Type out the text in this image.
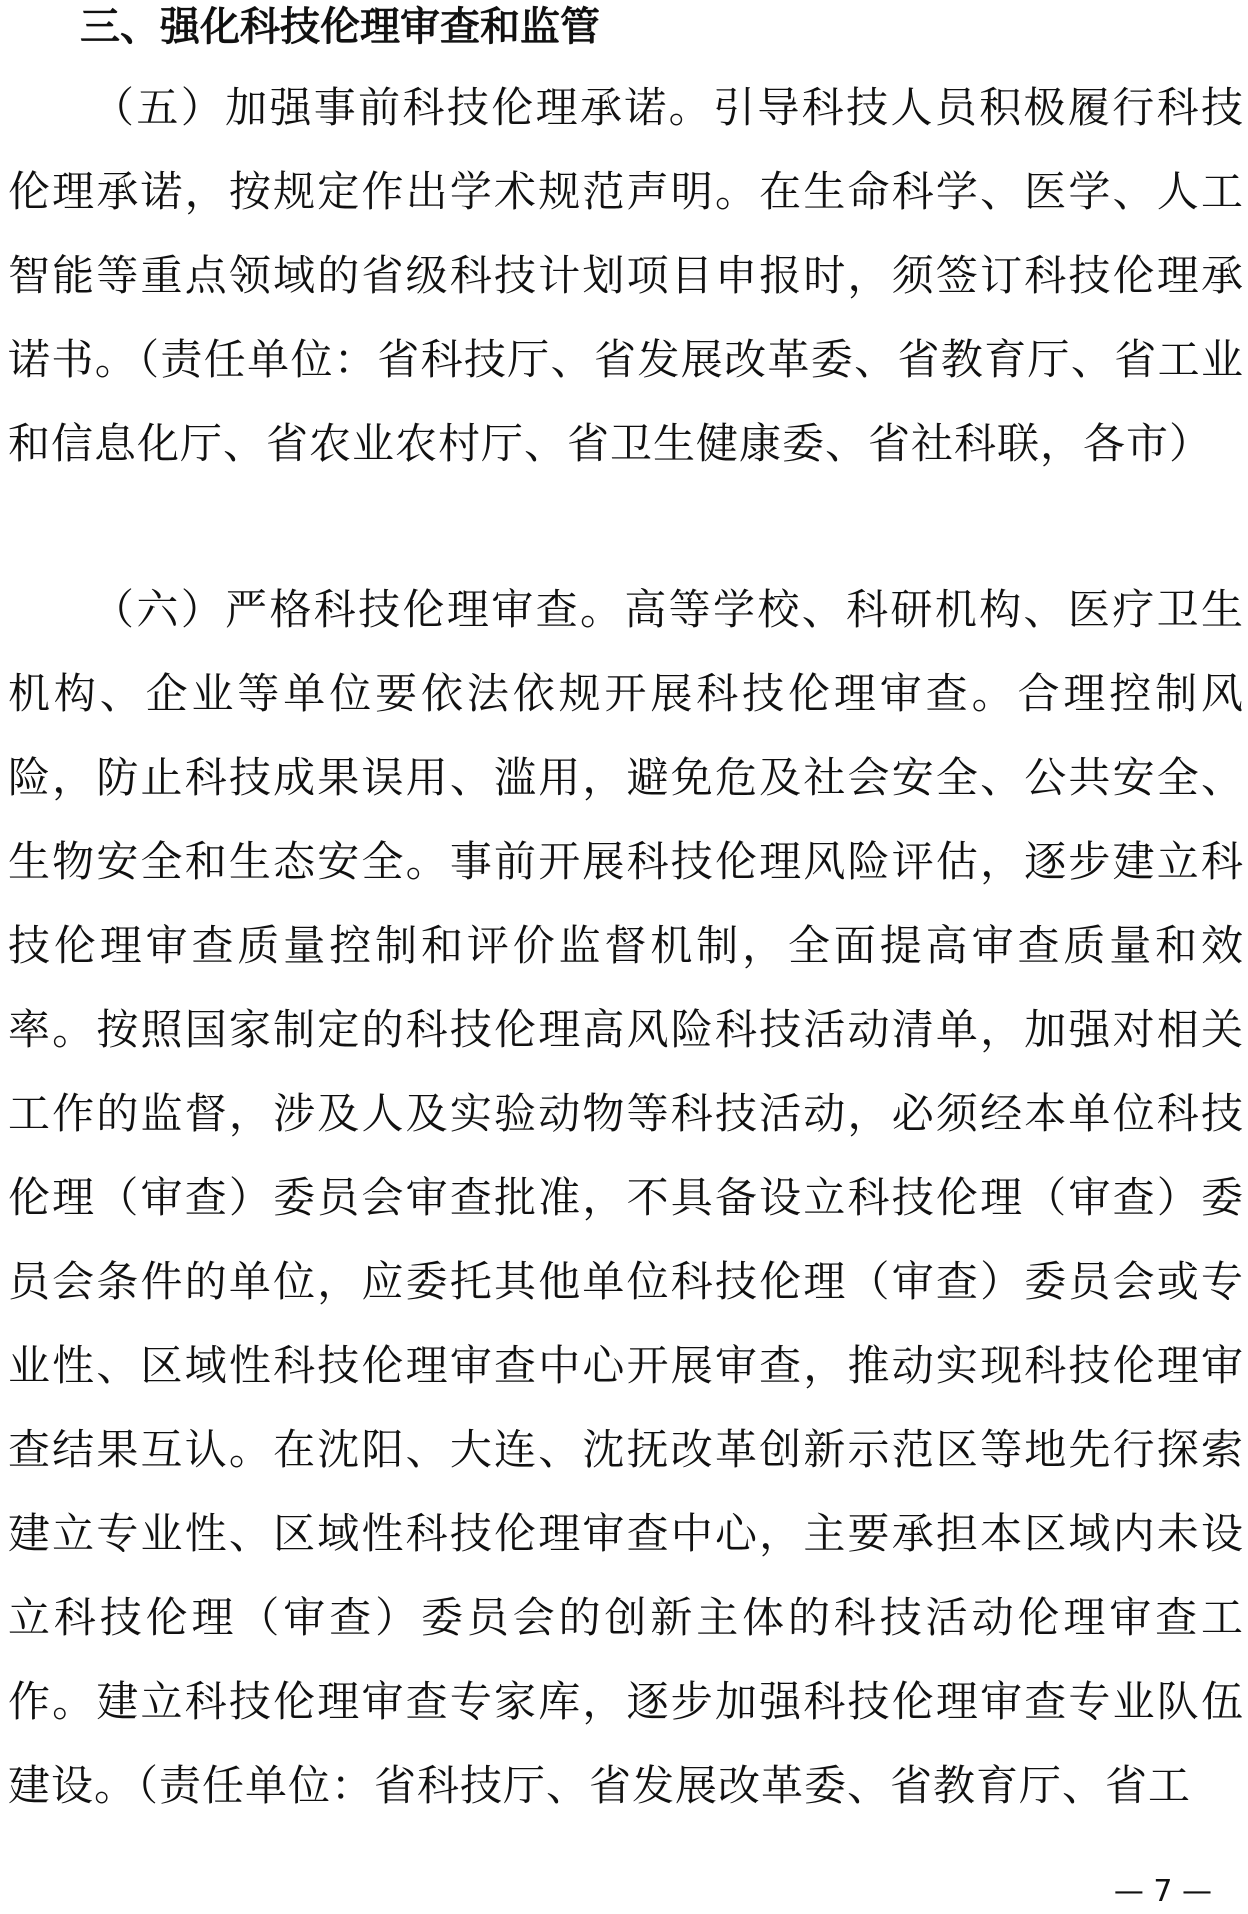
三、强化科技伦理审查和监管

（五）加强事前科技伦理承诺。引导科技人员积极履行科技伦理承诺，按规定作出学术规范声明。在生命科学、医学、人工智能等重点领域的省级科技计划项目申报时，须签订科技伦理承诺书。（责任单位：省科技厅、省发展改革委、省教育厅、省工业和信息化厅、省农业农村厅、省卫生健康委、省社科联，各市）

（六）严格科技伦理审查。高等学校、科研机构、医疗卫生机构、企业等单位要依法依规开展科技伦理审查。合理控制风险，防止科技成果误用、滥用，避免危及社会安全、公共安全、生物安全和生态安全。事前开展科技伦理风险评估，逐步建立科技伦理审查质量控制和评价监督机制，全面提高审查质量和效率。按照国家制定的科技伦理高风险科技活动清单，加强对相关工作的监督，涉及人及实验动物等科技活动，必须经本单位科技伦理（审查）委员会审查批准，不具备设立科技伦理（审查）委员会条件的单位，应委托其他单位科技伦理（审查）委员会或专业性、区域性科技伦理审查中心开展审查，推动实现科技伦理审查结果互认。在沈阳、大连、沈抚改革创新示范区等地先行探索建立专业性、区域性科技伦理审查中心，主要承担本区域内未设立科技伦理（审查）委员会的创新主体的科技活动伦理审查工作。建立科技伦理审查专家库，逐步加强科技伦理审查专业队伍建设。（责任单位：省科技厅、省发展改革委、省教育厅、省工

— 7 —
